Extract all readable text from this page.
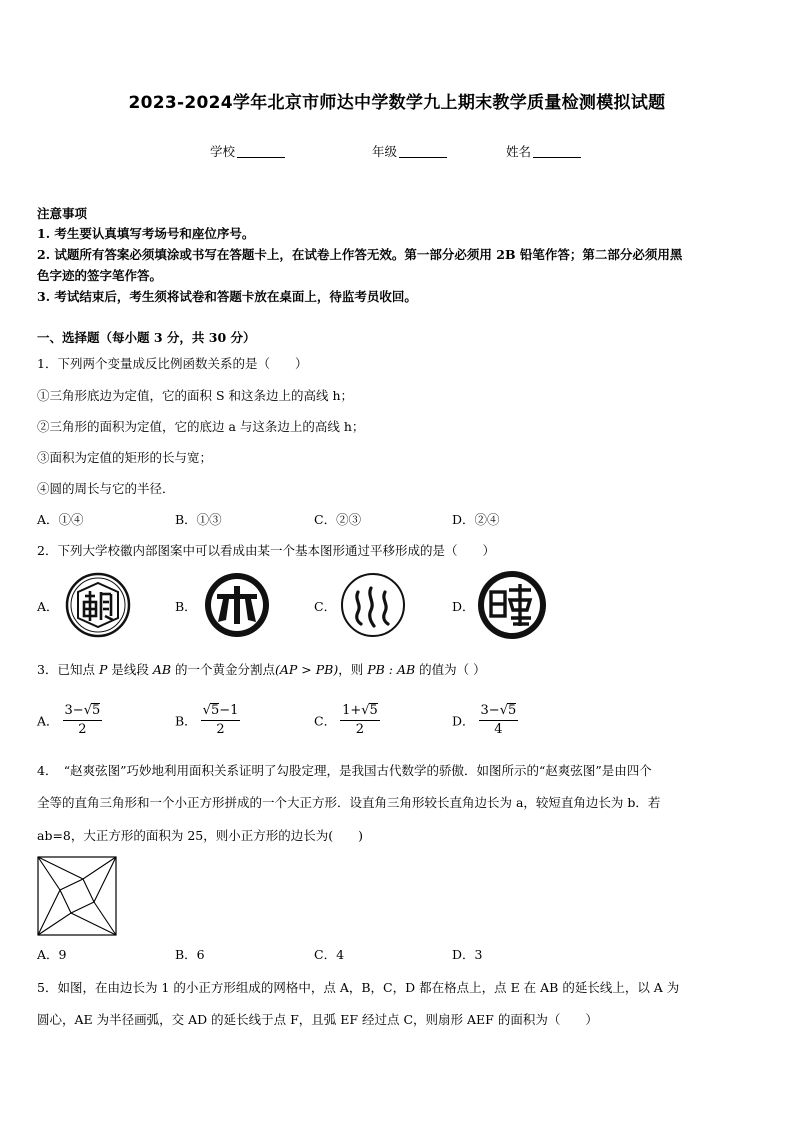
2023-2024学年北京市师达中学数学九上期末教学质量检测模拟试题
学校	年级	姓名
注意事项
1. 考生要认真填写考场号和座位序号。
2. 试题所有答案必须填涂或书写在答题卡上，在试卷上作答无效。第一部分必须用 2B 铅笔作答；第二部分必须用黑
色字迹的签字笔作答。
3. 考试结束后，考生须将试卷和答题卡放在桌面上，待监考员收回。
一、选择题（每小题 3 分，共 30 分）
1．下列两个变量成反比例函数关系的是（　　）
①三角形底边为定值，它的面积 S 和这条边上的高线 h；
②三角形的面积为定值，它的底边 a 与这条边上的高线 h；
③面积为定值的矩形的长与宽；
④圆的周长与它的半径．
A．①④	B．①③	C．②③	D．②④
2．下列大学校徽内部图案中可以看成由某一个基本图形通过平移形成的是（　　）
A．	B．	C．	D．
3．已知点 P 是线段 AB 的一个黄金分割点(AP > PB)，则 PB : AB 的值为（ ）
A． $\frac{3-√5}{2}$	B． $\frac{√5-1}{2}$	C． $\frac{1+√5}{2}$	D． $\frac{3-√5}{4}$
4．　“赵爽弦图”巧妙地利用面积关系证明了勾股定理，是我国古代数学的骄傲．如图所示的“赵爽弦图”是由四个
全等的直角三角形和一个小正方形拼成的一个大正方形．设直角三角形较长直角边长为 a，较短直角边长为 b．若
ab=8，大正方形的面积为 25，则小正方形的边长为(　　)
A．9	B．6	C．4	D．3
5．如图，在由边长为 1 的小正方形组成的网格中，点 A，B，C，D 都在格点上，点 E 在 AB 的延长线上，以 A 为
圆心，AE 为半径画弧，交 AD 的延长线于点 F，且弧 EF 经过点 C，则扇形 AEF 的面积为（　　）
